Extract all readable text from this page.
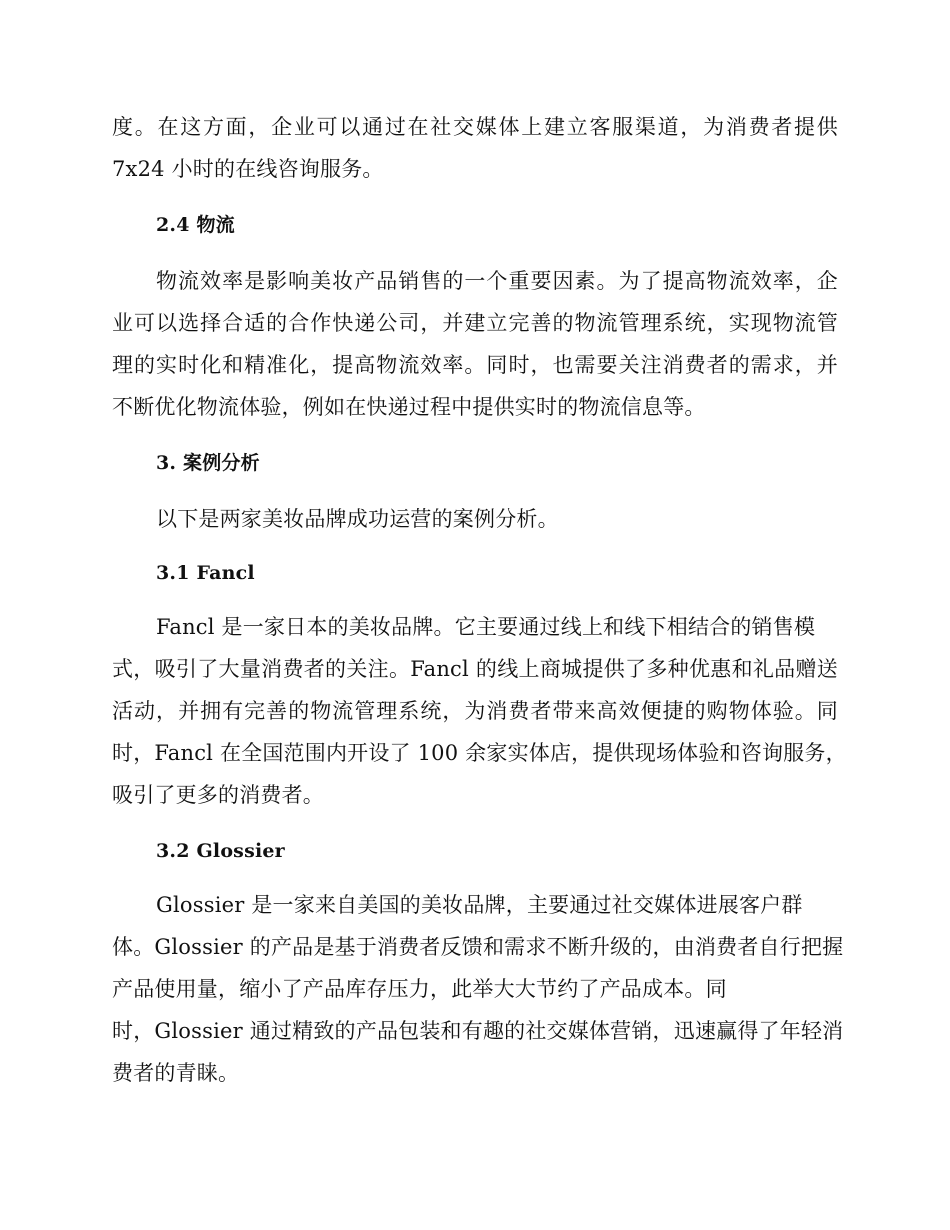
度。在这方面，企业可以通过在社交媒体上建立客服渠道，为消费者提供
7x24 小时的在线咨询服务。
2.4 物流
物流效率是影响美妆产品销售的一个重要因素。为了提高物流效率，企
业可以选择合适的合作快递公司，并建立完善的物流管理系统，实现物流管
理的实时化和精准化，提高物流效率。同时，也需要关注消费者的需求，并
不断优化物流体验，例如在快递过程中提供实时的物流信息等。
3. 案例分析
以下是两家美妆品牌成功运营的案例分析。
3.1 Fancl
Fancl 是一家日本的美妆品牌。它主要通过线上和线下相结合的销售模
式，吸引了大量消费者的关注。Fancl 的线上商城提供了多种优惠和礼品赠送
活动，并拥有完善的物流管理系统，为消费者带来高效便捷的购物体验。同
时，Fancl 在全国范围内开设了 100 余家实体店，提供现场体验和咨询服务，
吸引了更多的消费者。
3.2 Glossier
Glossier 是一家来自美国的美妆品牌，主要通过社交媒体进展客户群
体。Glossier 的产品是基于消费者反馈和需求不断升级的，由消费者自行把握
产品使用量，缩小了产品库存压力，此举大大节约了产品成本。同
时，Glossier 通过精致的产品包装和有趣的社交媒体营销，迅速赢得了年轻消
费者的青睐。
